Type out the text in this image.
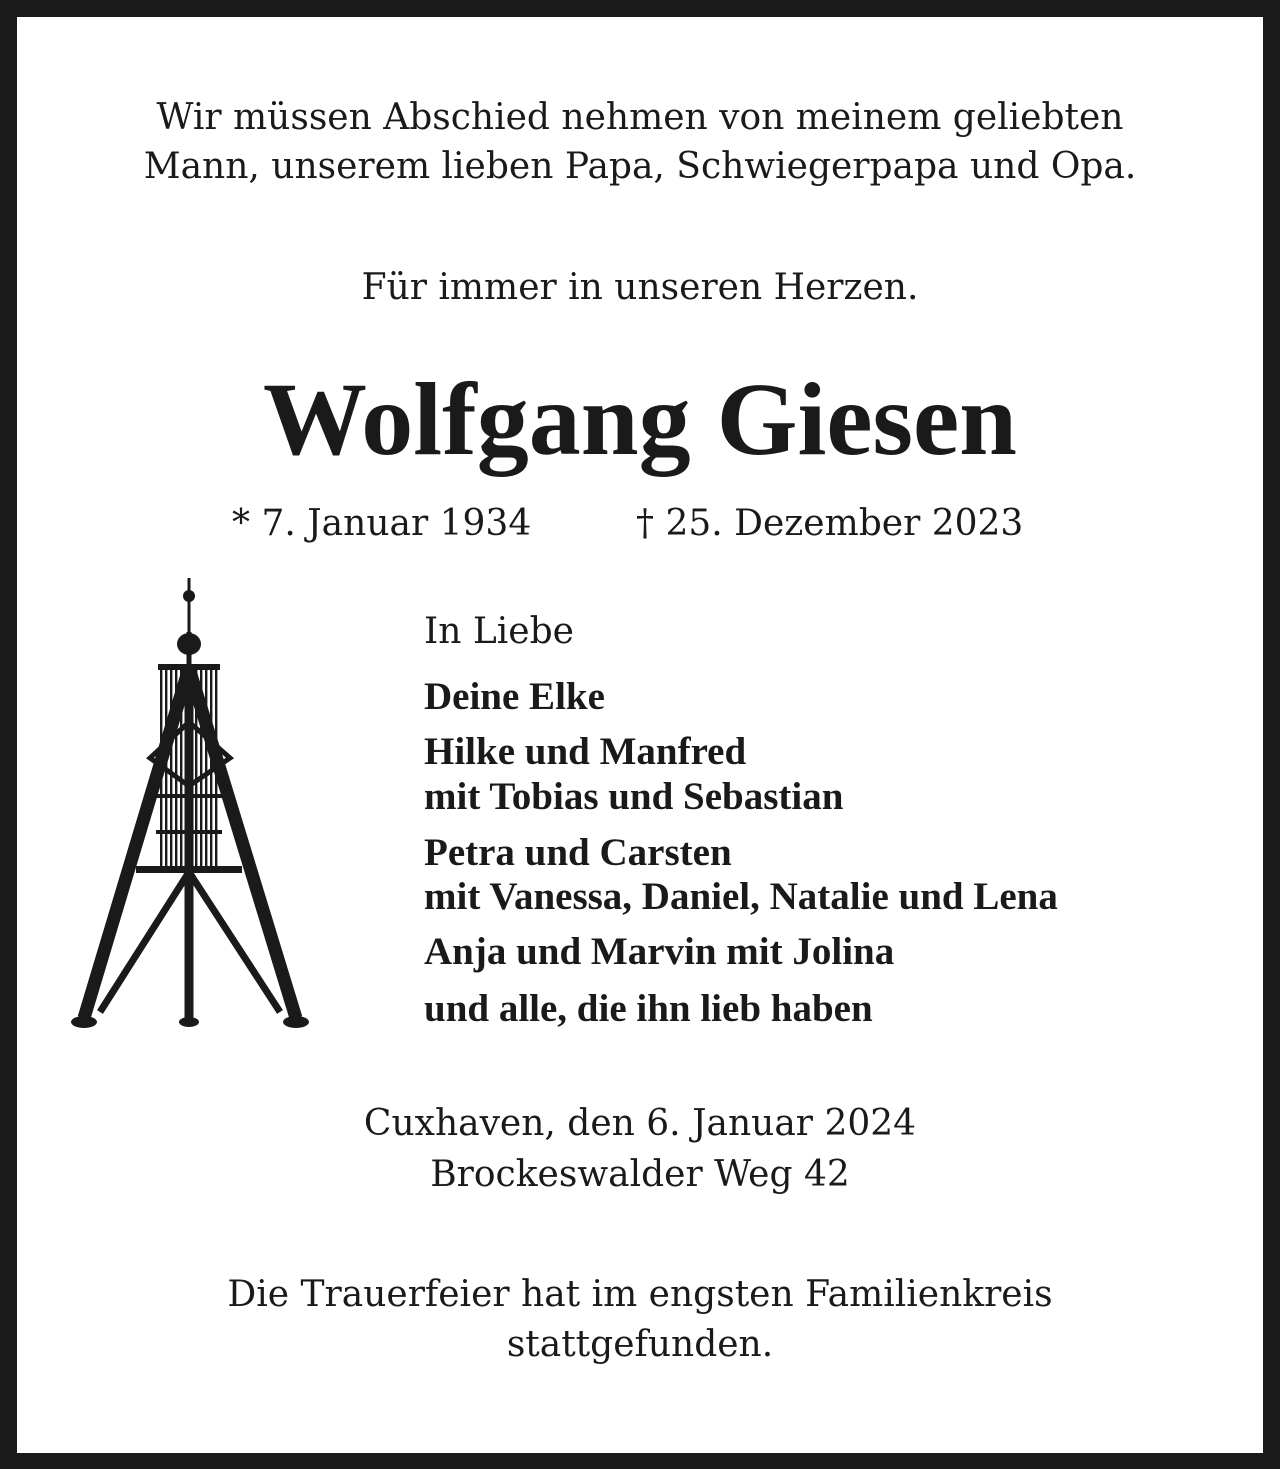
Wir müssen Abschied nehmen von meinem geliebten
Mann, unserem lieben Papa, Schwiegerpapa und Opa.
Für immer in unseren Herzen.
Wolfgang Giesen
* 7. Januar 1934	† 25. Dezember 2023
In Liebe
Deine Elke
Hilke und Manfred
mit Tobias und Sebastian
Petra und Carsten
mit Vanessa, Daniel, Natalie und Lena
Anja und Marvin mit Jolina
und alle, die ihn lieb haben
Cuxhaven, den 6. Januar 2024
Brockeswalder Weg 42
Die Trauerfeier hat im engsten Familienkreis
stattgefunden.
